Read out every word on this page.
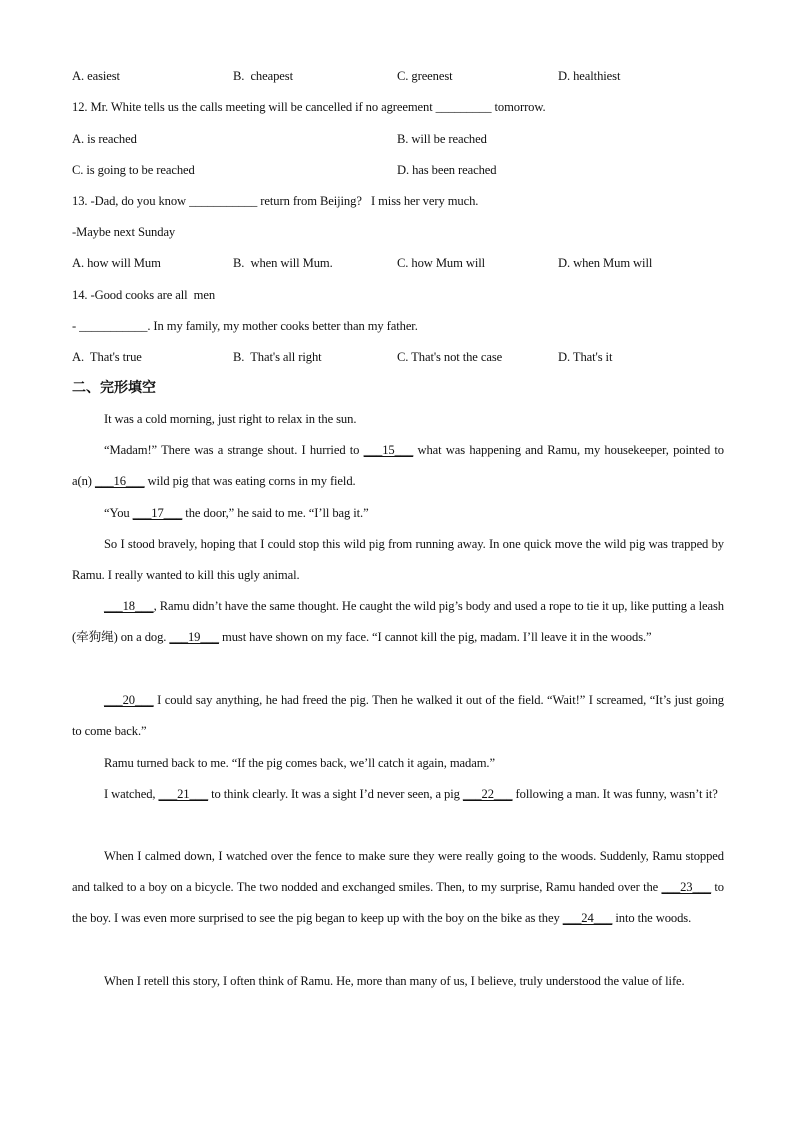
A. easiest	B.  cheapest	C. greenest	D. healthiest
12. Mr. White tells us the calls meeting will be cancelled if no agreement _________ tomorrow.
A. is reached	B. will be reached
C. is going to be reached	D. has been reached
13. -Dad, do you know ___________ return from Beijing?   I miss her very much.
-Maybe next Sunday
A. how will Mum	B.  when will Mum.	C. how Mum will	D. when Mum will
14. -Good cooks are all  men
- ___________. In my family, my mother cooks better than my father.
A.  That's true	B.  That's all right	C. That's not the case	D. That's it
二、完形填空

It was a cold morning, just right to relax in the sun.

“Madam!” There was a strange shout. I hurried to ___15___ what was happening and Ramu, my housekeeper, pointed to a(n) ___16___ wild pig that was eating corns in my field.

“You ___17___ the door,” he said to me. “I’ll bag it.”

So I stood bravely, hoping that I could stop this wild pig from running away. In one quick move the wild pig was trapped by Ramu. I really wanted to kill this ugly animal.

___18___, Ramu didn’t have the same thought. He caught the wild pig’s body and used a rope to tie it up, like putting a leash (牵狗绳) on a dog. ___19___ must have shown on my face. “I cannot kill the pig, madam. I’ll leave it in the woods.”

___20___ I could say anything, he had freed the pig. Then he walked it out of the field. “Wait!” I screamed, “It’s just going to come back.”

Ramu turned back to me. “If the pig comes back, we’ll catch it again, madam.”

I watched, ___21___ to think clearly. It was a sight I’d never seen, a pig ___22___ following a man. It was funny, wasn’t it?

When I calmed down, I watched over the fence to make sure they were really going to the woods. Suddenly, Ramu stopped and talked to a boy on a bicycle. The two nodded and exchanged smiles. Then, to my surprise, Ramu handed over the ___23___ to the boy. I was even more surprised to see the pig began to keep up with the boy on the bike as they ___24___ into the woods.

When I retell this story, I often think of Ramu. He, more than many of us, I believe, truly understood the value of life.
